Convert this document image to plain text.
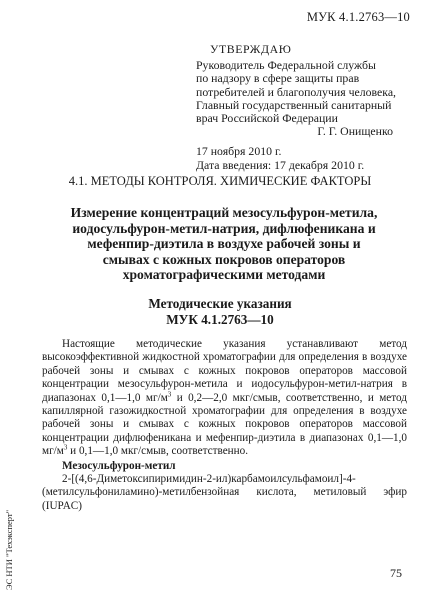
МУК 4.1.2763—10
УТВЕРЖДАЮ
Руководитель Федеральной службы
по надзору в сфере защиты прав
потребителей и благополучия человека,
Главный государственный санитарный
врач Российской Федерации
Г. Г. Онищенко
17 ноября 2010 г.
Дата введения: 17 декабря 2010 г.
4.1. МЕТОДЫ КОНТРОЛЯ. ХИМИЧЕСКИЕ ФАКТОРЫ
Измерение концентраций мезосульфурон-метила,
иодосульфурон-метил-натрия, дифлюфеникана и
мефенпир-диэтила в воздухе рабочей зоны и
смывах с кожных покровов операторов
хроматографическими методами
Методические указания
МУК 4.1.2763—10

Настоящие методические указания устанавливают метод высокоэффективной жидкостной хроматографии для определения в воздухе рабочей зоны и смывах с кожных покровов операторов массовой концентрации мезосульфурон-метила и иодосульфурон-метил-натрия в диапазонах 0,1—1,0 $мг/м^3$ и 0,2—2,0 мкг/смыв, соответственно, и метод капиллярной газожидкостной хроматографии для определения в воздухе рабочей зоны и смывах с кожных покровов операторов массовой концентрации дифлюфеникана и мефенпир-диэтила в диапазонах 0,1—1,0 $мг/м^3$ и 0,1—1,0 мкг/смыв, соответственно.

Мезосульфурон-метил

2-[(4,6-Диметоксипиримидин-2-ил)карбамоилсульфамоил]-4-(метилсульфониламино)-метилбензойная кислота, метиловый эфир (IUPAC)

ЭС НТИ "Техэксперт"	75
